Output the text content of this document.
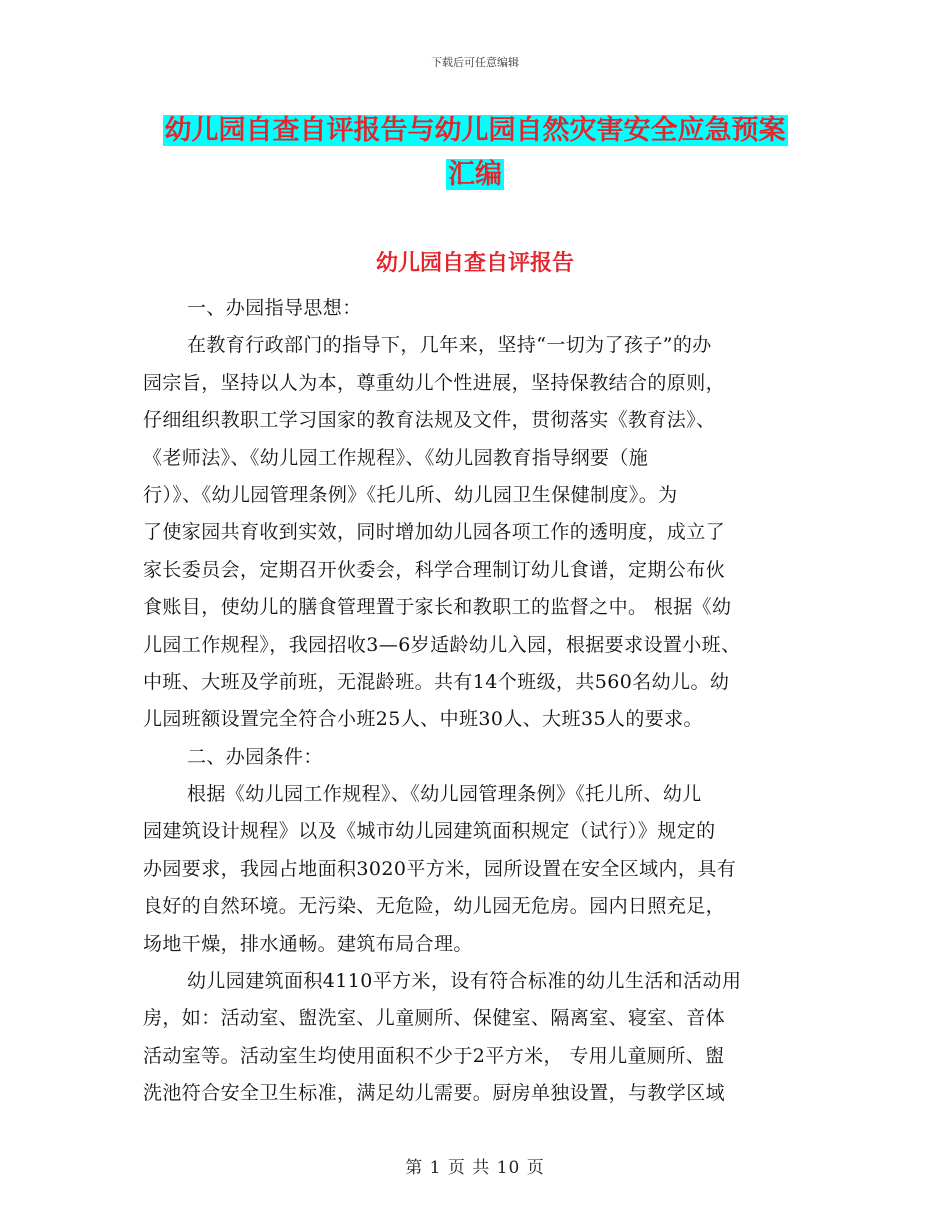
下载后可任意编辑
幼儿园自查自评报告与幼儿园自然灾害安全应急预案
汇编
幼儿园自查自评报告
一、办园指导思想：
在教育行政部门的指导下，几年来，坚持“一切为了孩子”的办
园宗旨，坚持以人为本，尊重幼儿个性进展，坚持保教结合的原则，
仔细组织教职工学习国家的教育法规及文件，贯彻落实《教育法》、
《老师法》、《幼儿园工作规程》、《幼儿园教育指导纲要（施
行）》、《幼儿园管理条例》《托儿所、幼儿园卫生保健制度》。为
了使家园共育收到实效，同时增加幼儿园各项工作的透明度，成立了
家长委员会，定期召开伙委会，科学合理制订幼儿食谱，定期公布伙
食账目，使幼儿的膳食管理置于家长和教职工的监督之中。 根据《幼
儿园工作规程》，我园招收3—6岁适龄幼儿入园，根据要求设置小班、
中班、大班及学前班，无混龄班。共有14个班级，共560名幼儿。幼
儿园班额设置完全符合小班25人、中班30人、大班35人的要求。
二、办园条件：
根据《幼儿园工作规程》、《幼儿园管理条例》《托儿所、幼儿
园建筑设计规程》以及《城市幼儿园建筑面积规定（试行）》规定的
办园要求，我园占地面积3020平方米，园所设置在安全区域内，具有
良好的自然环境。无污染、无危险，幼儿园无危房。园内日照充足，
场地干燥，排水通畅。建筑布局合理。
幼儿园建筑面积4110平方米，设有符合标准的幼儿生活和活动用
房，如：活动室、盥洗室、儿童厕所、保健室、隔离室、寝室、音体
活动室等。活动室生均使用面积不少于2平方米， 专用儿童厕所、盥
洗池符合安全卫生标准，满足幼儿需要。厨房单独设置，与教学区域
第 1 页 共 10 页
